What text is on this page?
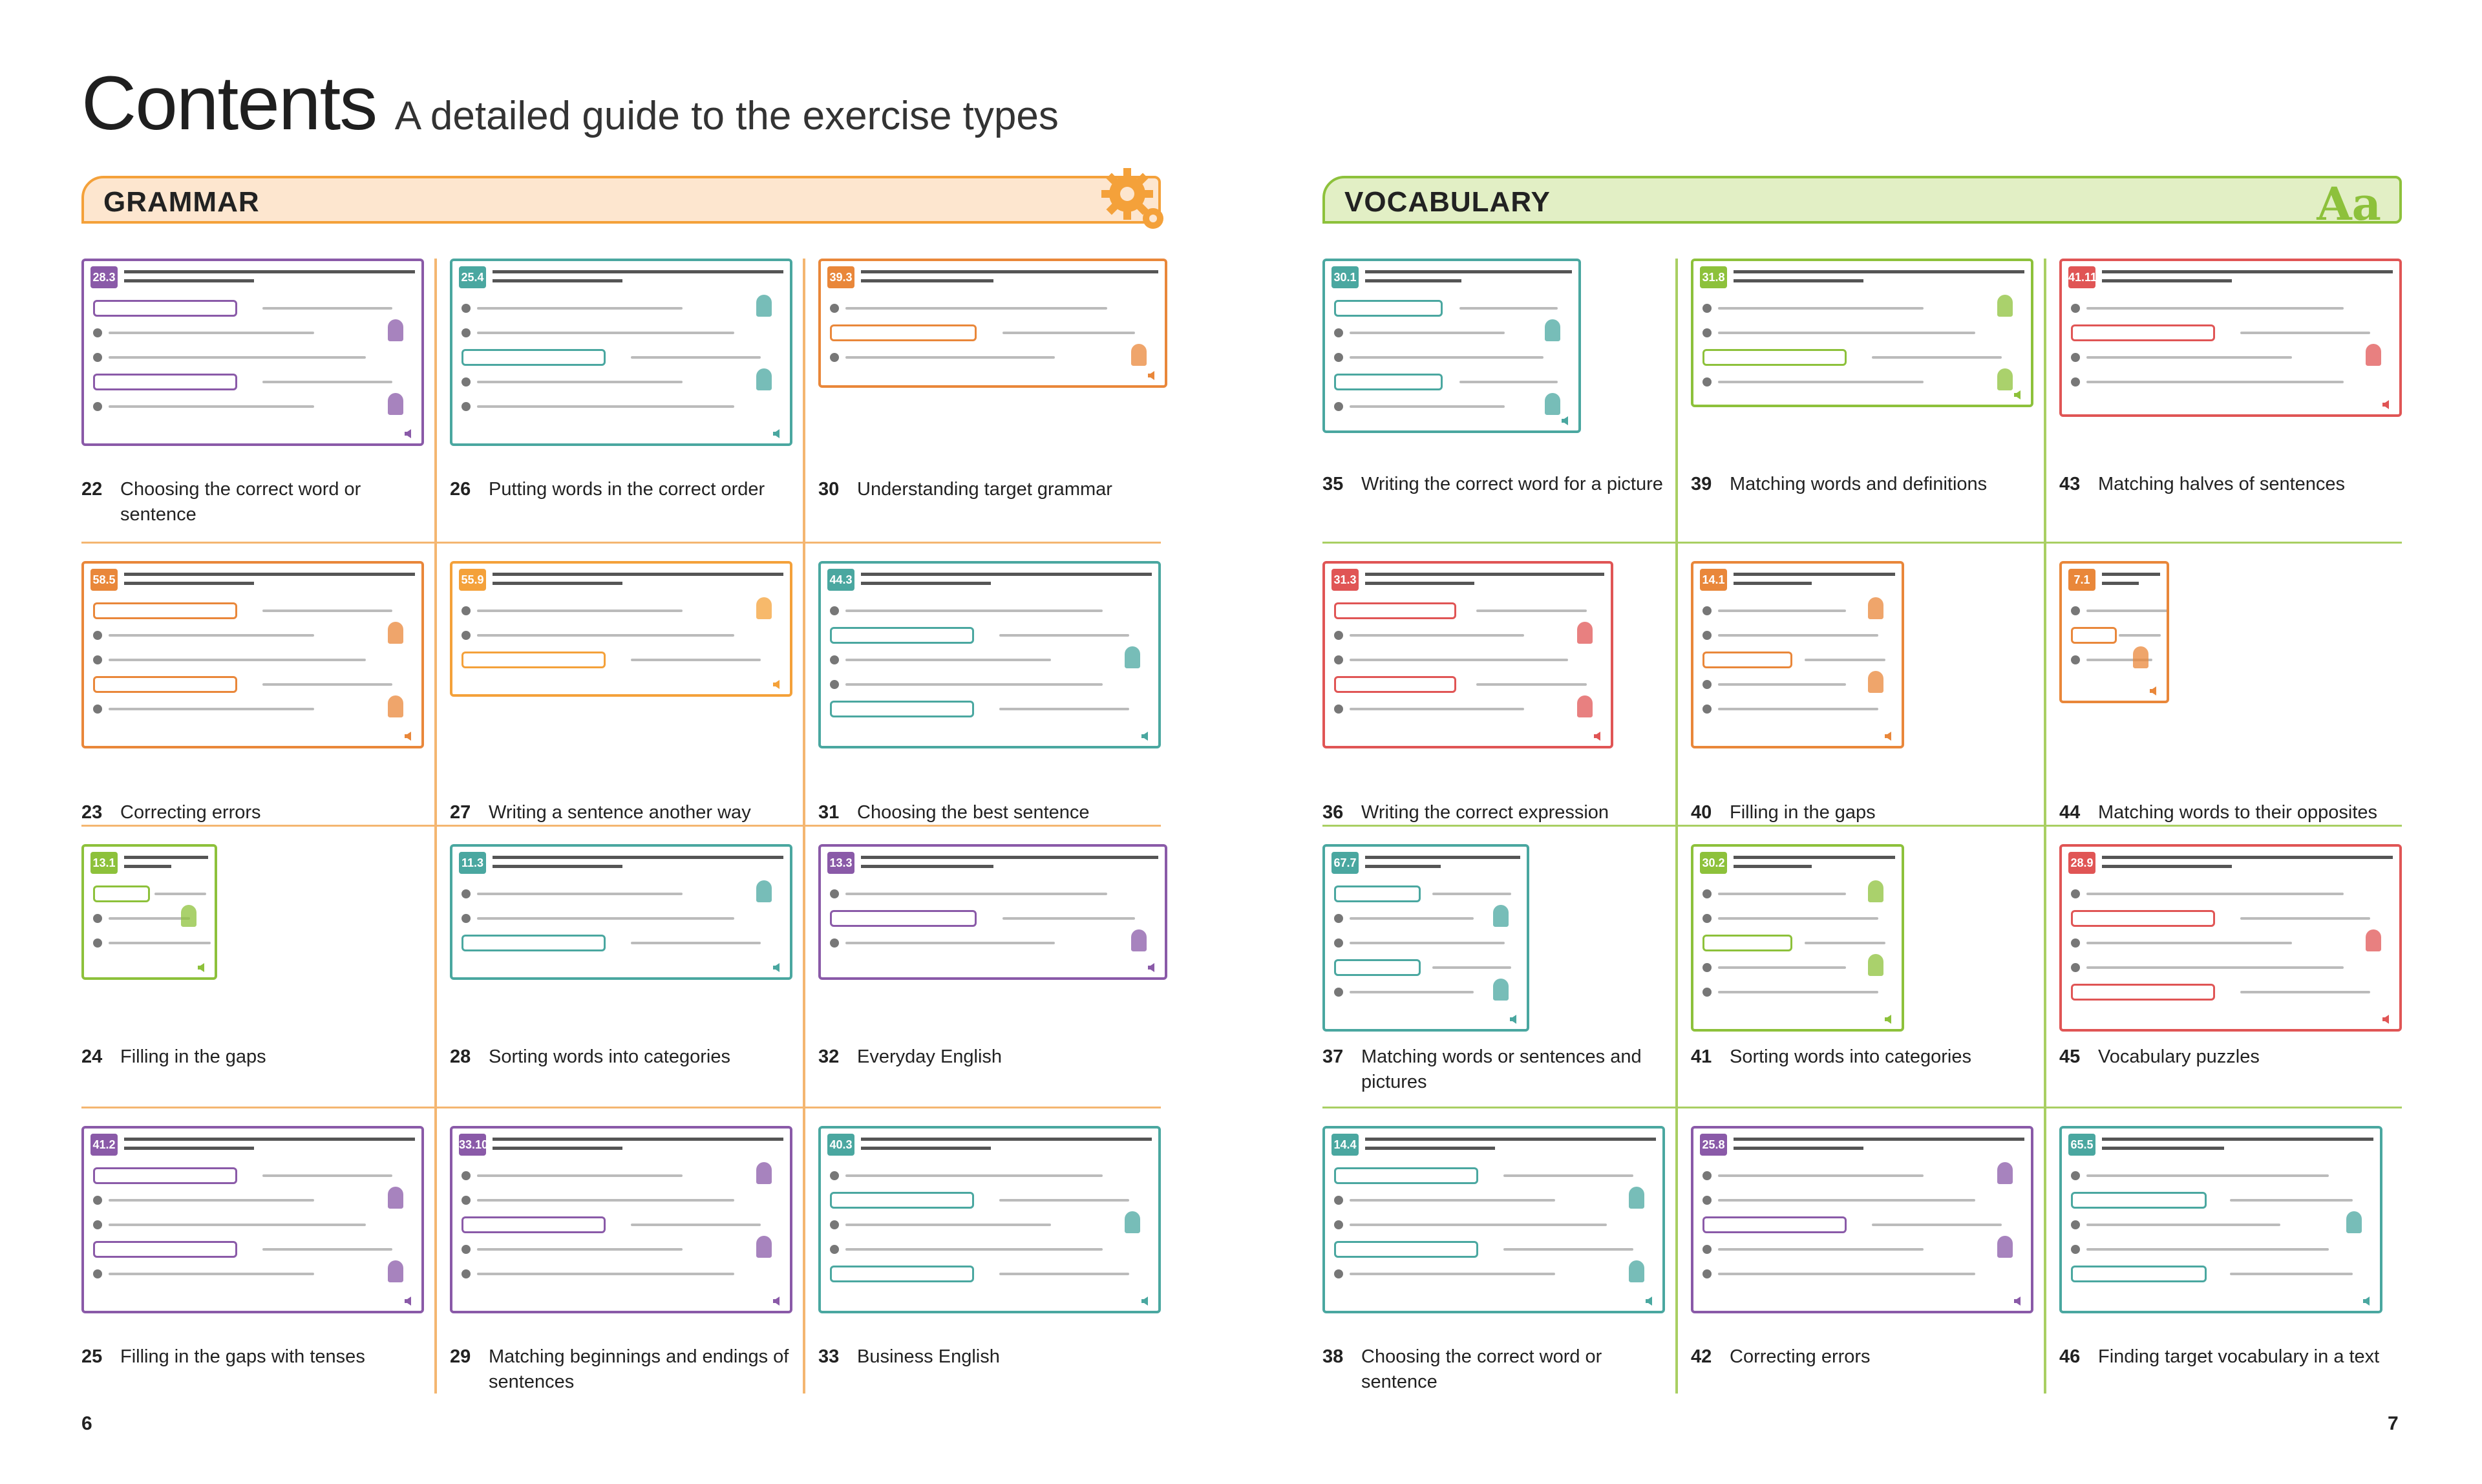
Contents A detailed guide to the exercise types
GRAMMAR	VOCABULARY	Aa
28.3
22 Choosing the correct word or sentence
30.1
35 Writing the correct word for a picture
25.4
26 Putting words in the correct order
31.8
39 Matching words and definitions
39.3
30 Understanding target grammar
41.11
43 Matching halves of sentences
58.5
23 Correcting errors
31.3
36 Writing the correct expression
55.9
27 Writing a sentence another way
14.1
40 Filling in the gaps
44.3
31 Choosing the best sentence
7.1
44 Matching words to their opposites
13.1
24 Filling in the gaps
67.7
37 Matching words or sentences and pictures
11.3
28 Sorting words into categories
30.2
41 Sorting words into categories
13.3
32 Everyday English
28.9
45 Vocabulary puzzles
41.2
25 Filling in the gaps with tenses
14.4
38 Choosing the correct word or sentence
33.10
29 Matching beginnings and endings of sentences
25.8
42 Correcting errors
40.3
33 Business English
65.5
46 Finding target vocabulary in a text
6	7
